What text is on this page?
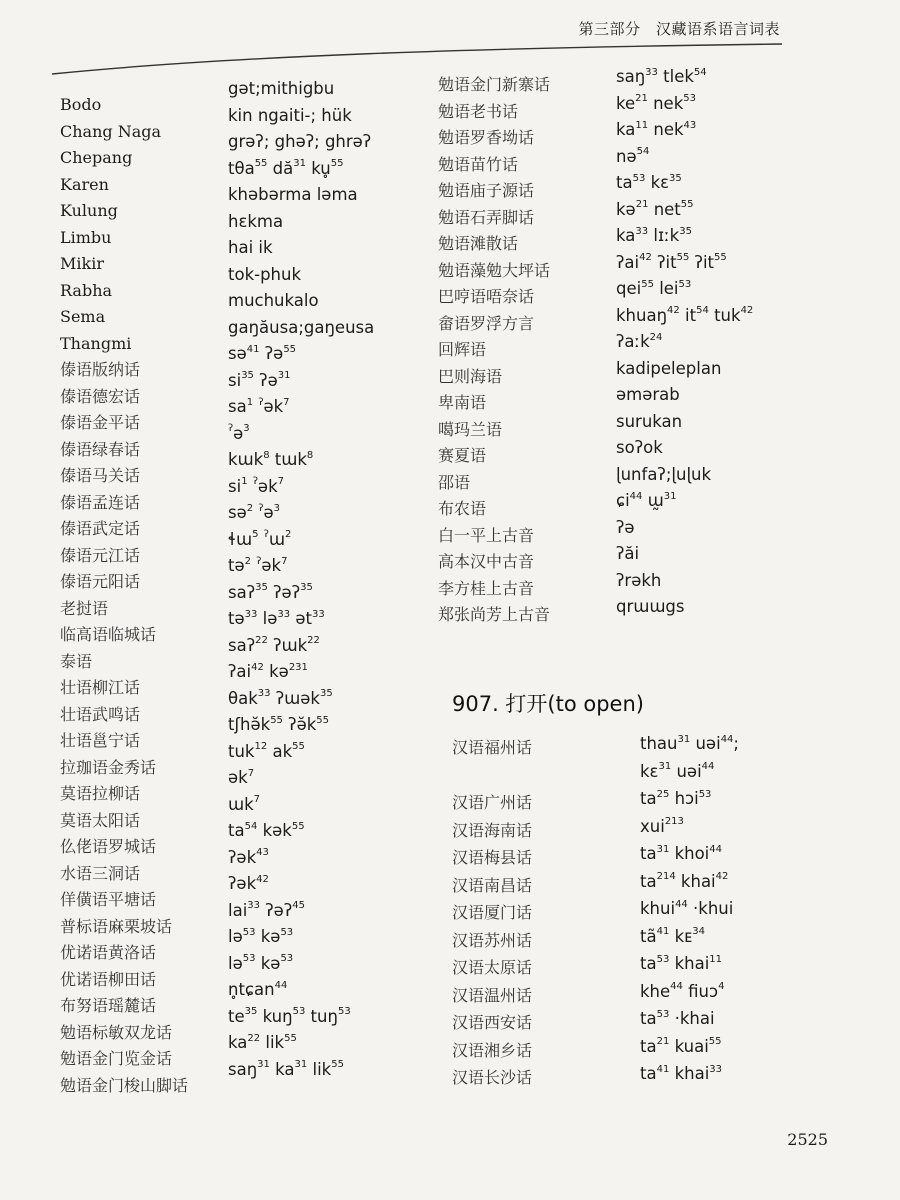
第三部分　汉藏语系语言词表
Bodo
Chang Naga
Chepang
Karen
Kulung
Limbu
Mikir
Rabha
Sema
Thangmi
傣语版纳话
傣语德宏话
傣语金平话
傣语绿春话
傣语马关话
傣语孟连话
傣语武定话
傣语元江话
傣语元阳话
老挝语
临高语临城话
泰语
壮语柳江话
壮语武鸣话
壮语邕宁话
拉珈语金秀话
莫语拉柳话
莫语太阳话
仫佬语罗城话
水语三洞话
佯僙语平塘话
普标语麻栗坡话
优诺语黄洛话
优诺语柳田话
布努语瑶麓话
勉语标敏双龙话
勉语金门览金话
勉语金门梭山脚话
gət;mithigbu
kin ngaiti-; hük
grəʔ; ghəʔ; ghrəʔ
tθa$^{55}$ $dă^{31}$ ku̥$^{55}$
khəbərma ləma
hɛkma
hai ik
tok-phuk
muchukalo
gaŋăusa;gaŋeusa
sə$^{41}$ ʔə$^{55}$
$si^{35}$ ʔə$^{31}$
$sa^1$ $^ʔ$ək$^7$
$^ʔ$ə$^3$
kɯk$^8$ tɯk$^8$
$si^1$ $^ʔ$ək$^7$
sə$^2$ $^ʔ$ə$^3$
ɬɯ$^5$ $^ʔ$ɯ$^2$
tə$^2$ $^ʔ$ək$^7$
saʔ$^{35}$ ʔəʔ$^{35}$
tə$^{33}$ lə$^{33}$ ət$^{33}$
saʔ$^{22}$ ʔɯk$^{22}$
ʔai$^{42}$ kə$^{231}$
θak$^{33}$ ʔɯək$^{35}$
$tʃhə̆k^{55}$ $ʔə̆k^{55}$
tuk$^{12}$ $ak^{55}$
ək$^7$
ɯk$^7$
$ta^{54}$ kək$^{55}$
ʔək$^{43}$
ʔək$^{42}$
lai$^{33}$ ʔəʔ$^{45}$
lə$^{53}$ kə$^{53}$
lə$^{53}$ kə$^{53}$
n̥tɕan$^{44}$
$te^{35}$ kuŋ$^{53}$ tuŋ$^{53}$
$ka^{22}$ lik$^{55}$
saŋ$^{31}$ $ka^{31}$ lik$^{55}$
勉语金门新寨话
勉语老书话
勉语罗香坳话
勉语苗竹话
勉语庙子源话
勉语石弄脚话
勉语滩散话
勉语藻勉大坪话
巴哼语唔奈话
畲语罗浮方言
回辉语
巴则海语
卑南语
噶玛兰语
赛夏语
邵语
布农语
白一平上古音
高本汉中古音
李方桂上古音
郑张尚芳上古音
saŋ$^{33}$ tlek$^{54}$
$ke^{21}$ nek$^{53}$
$ka^{11}$ nek$^{43}$
nə$^{54}$
$ta^{53}$ kɛ$^{35}$
kə$^{21}$ net$^{55}$
$ka^{33}$ lɪːk$^{35}$
ʔai$^{42}$ ʔit$^{55}$ ʔit$^{55}$
qei$^{55}$ lei$^{53}$
khuaŋ$^{42}$ $it^{54}$ tuk$^{42}$
ʔaːk$^{24}$
kadipeleplan
əmərab
surukan
soʔok
ɭunfaʔ;ɭuɭuk
ɕi$^{44}$ ɯ̰$^{31}$
ʔə
ʔăi
ʔrəkh
qrɯɯgs
907. 打开(to open)
汉语福州话
汉语广州话
汉语海南话
汉语梅县话
汉语南昌话
汉语厦门话
汉语苏州话
汉语太原话
汉语温州话
汉语西安话
汉语湘乡话
汉语长沙话
thau$^{31}$ uəi$^{44}$;
kɛ$^{31}$ uəi$^{44}$
$ta^{25}$ hɔi$^{53}$
xui$^{213}$
$ta^{31}$ khoi$^{44}$
$ta^{214}$ khai$^{42}$
khui$^{44}$ ·khui
$tã^{41}$ kᴇ$^{34}$
$ta^{53}$ khai$^{11}$
khe$^{44}$ fiuɔ$^4$
$ta^{53}$ ·khai
$ta^{21}$ kuai$^{55}$
$ta^{41}$ khai$^{33}$
2525
